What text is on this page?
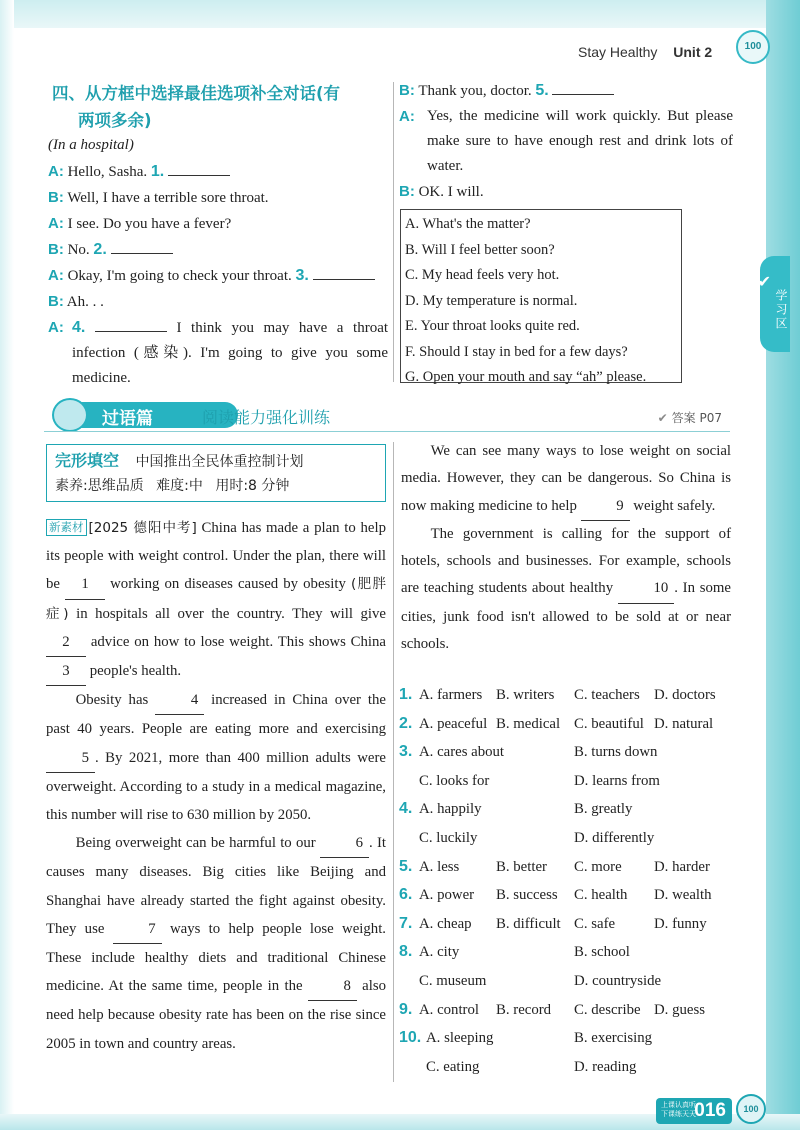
学习区
✔
Stay Healthy Unit 2	100
四、从方框中选择最佳选项补全对话(有
两项多余)
(In a hospital)
A: Hello, Sasha. 1.
B: Well, I have a terrible sore throat.
A: I see. Do you have a fever?
B: No. 2.
A: Okay, I'm going to check your throat. 3.
B: Ah. . .
A: 4.	I think you may have a throat infection (感染). I'm going to give you some medicine.
B: Thank you, doctor. 5.
A: Yes, the medicine will work quickly. But please make sure to have enough rest and drink lots of water.
B: OK. I will.
A. What's the matter?
B. Will I feel better soon?
C. My head feels very hot.
D. My temperature is normal.
E. Your throat looks quite red.
F. Should I stay in bed for a few days?
G. Open your mouth and say “ah” please.
过语篇	阅读能力强化训练	✔ 答案 P07
完形填空 中国推出全民体重控制计划
素养:思维品质 难度:中 用时:8 分钟

新素材 [2025 德阳中考] China has made a plan to help its people with weight control. Under the plan, there will be 1 working on diseases caused by obesity (肥胖症) in hospitals all over the country. They will give 2 advice on how to lose weight. This shows China 3 people's health.

Obesity has	4 increased in China over the past 40 years. People are eating more and exercising 5 . By 2021, more than 400 million adults were overweight. According to a study in a medical magazine, this number will rise to 630 million by 2050.

Being overweight can be harmful to our	6 . It causes many diseases. Big cities like Beijing and Shanghai have already started the fight against obesity. They use	7 ways to help people lose weight. These include healthy diets and traditional Chinese medicine. At the same time, people in the	8 also need help because obesity rate has been on the rise since 2005 in town and country areas.

We can see many ways to lose weight on social media. However, they can be dangerous. So China is now making medicine to help	9 weight safely.

The government is calling for the support of hotels, schools and businesses. For example, schools are teaching students about healthy	10 . In some cities, junk food isn't allowed to be sold at or near schools.

1. A. farmers B. writers C. teachers D. doctors
2. A. peaceful B. medical C. beautiful D. natural
3. A. cares about	B. turns down
C. looks for	D. learns from
4. A. happily	B. greatly
C. luckily	D. differently
5. A. less B. better C. more D. harder
6. A. power B. success C. health D. wealth
7. A. cheap B. difficult C. safe	D. funny
8. A. city	B. school
C. museum	D. countryside
9. A. control B. record C. describe D. guess
10. A. sleeping	B. exercising
C. eating	D. reading
上课认真听 下课练天天
016	100
